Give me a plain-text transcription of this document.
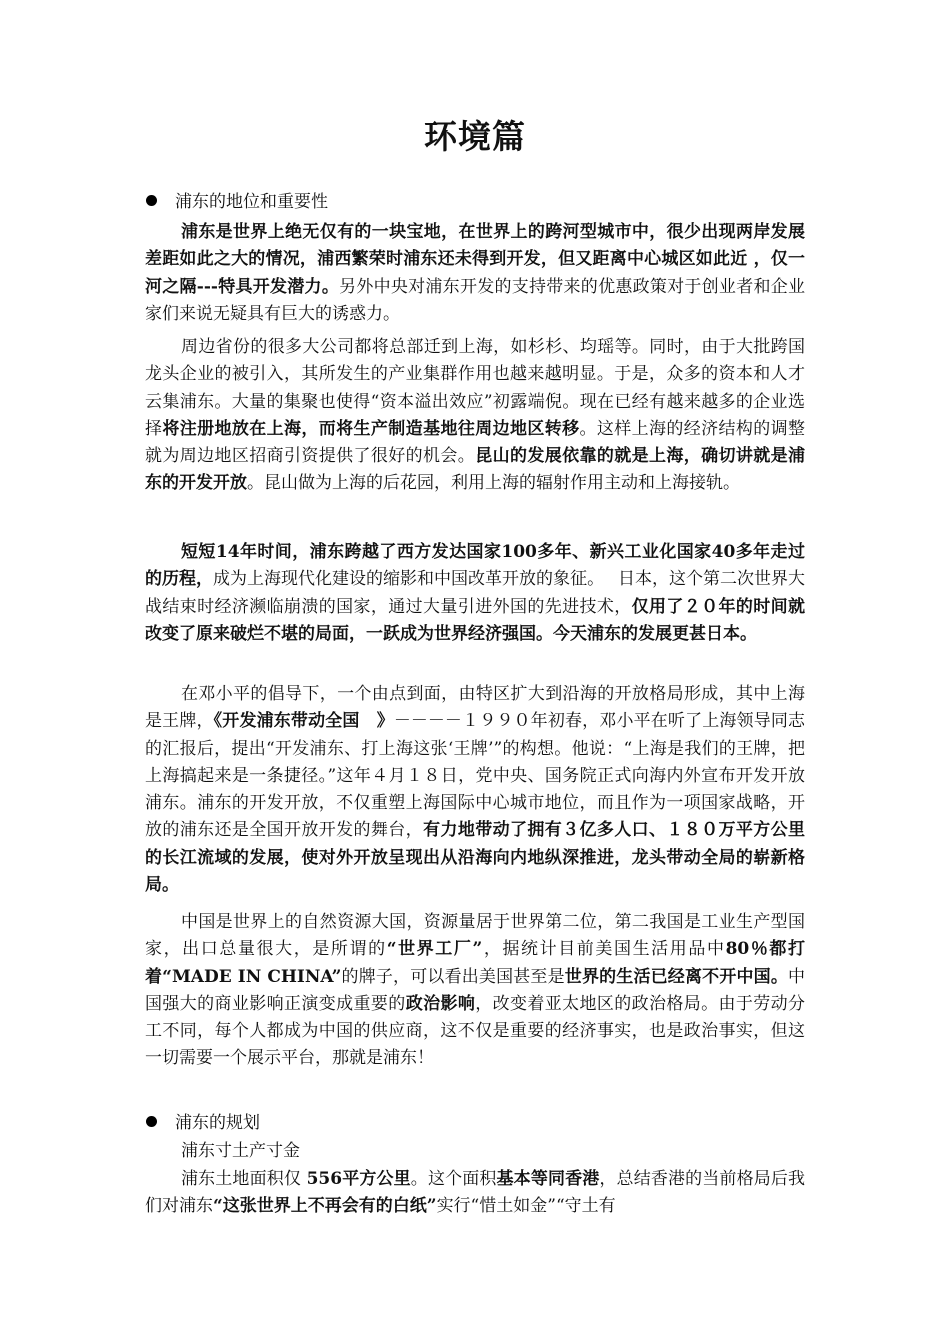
环境篇
浦东的地位和重要性

浦东是世界上绝无仅有的一块宝地，在世界上的跨河型城市中，很少出现两岸发展差距如此之大的情况，浦西繁荣时浦东还未得到开发，但又距离中心城区如此近 ，仅一河之隔---特具开发潜力。另外中央对浦东开发的支持带来的优惠政策对于创业者和企业家们来说无疑具有巨大的诱惑力。

周边省份的很多大公司都将总部迁到上海，如杉杉、均瑶等。同时，由于大批跨国龙头企业的被引入，其所发生的产业集群作用也越来越明显。于是，众多的资本和人才云集浦东。大量的集聚也使得“资本溢出效应”初露端倪。现在已经有越来越多的企业选择将注册地放在上海，而将生产制造基地往周边地区转移。这样上海的经济结构的调整就为周边地区招商引资提供了很好的机会。昆山的发展依靠的就是上海，确切讲就是浦东的开发开放。昆山做为上海的后花园，利用上海的辐射作用主动和上海接轨。

短短14年时间，浦东跨越了西方发达国家100多年、新兴工业化国家40多年走过的历程，成为上海现代化建设的缩影和中国改革开放的象征。　 日本，这个第二次世界大战结束时经济濒临崩溃的国家，通过大量引进外国的先进技术，仅用了２０年的时间就改变了原来破烂不堪的局面，一跃成为世界经济强国。今天浦东的发展更甚日本。

在邓小平的倡导下，一个由点到面，由特区扩大到沿海的开放格局形成，其中上海是王牌，《开发浦东带动全国　》－－－－１９９０年初春，邓小平在听了上海领导同志的汇报后，提出“开发浦东、打上海这张‘王牌’”的构想。他说：“上海是我们的王牌，把上海搞起来是一条捷径。”这年４月１８日，党中央、国务院正式向海内外宣布开发开放浦东。浦东的开发开放，不仅重塑上海国际中心城市地位，而且作为一项国家战略，开放的浦东还是全国开放开发的舞台，有力地带动了拥有３亿多人口、１８０万平方公里的长江流域的发展，使对外开放呈现出从沿海向内地纵深推进，龙头带动全局的崭新格局。

中国是世界上的自然资源大国，资源量居于世界第二位，第二我国是工业生产型国家，出口总量很大，是所谓的“世界工厂”，据统计目前美国生活用品中80％都打着“MADE IN CHINA”的牌子，可以看出美国甚至是世界的生活已经离不开中国。中国强大的商业影响正演变成重要的政治影响，改变着亚太地区的政治格局。由于劳动分工不同，每个人都成为中国的供应商，这不仅是重要的经济事实，也是政治事实，但这一切需要一个展示平台，那就是浦东！

浦东的规划
浦东寸土产寸金

浦东土地面积仅 556平方公里。这个面积基本等同香港，总结香港的当前格局后我们对浦东“这张世界上不再会有的白纸”实行“惜土如金”“守土有
